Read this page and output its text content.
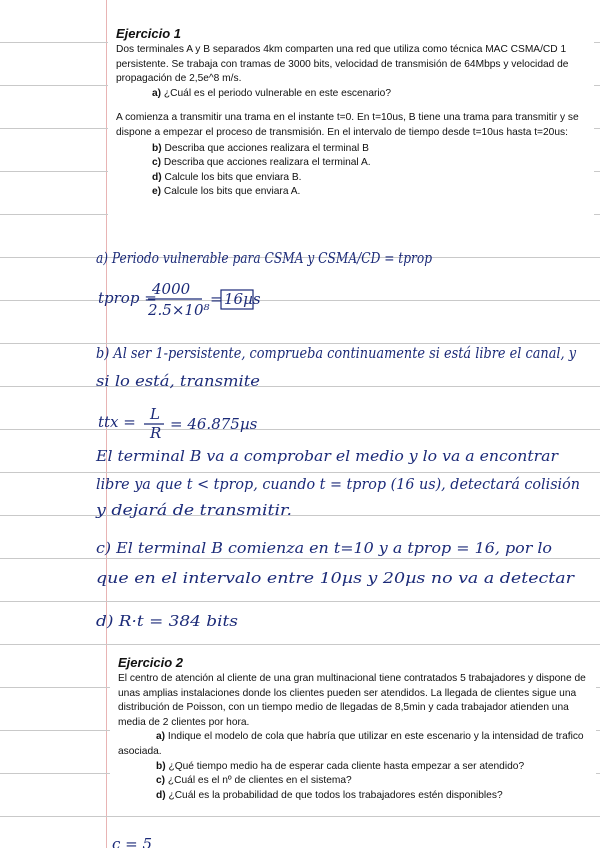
Ejercicio 1

Dos terminales A y B separados 4km comparten una red que utiliza como técnica MAC CSMA/CD 1 persistente. Se trabaja con tramas de 3000 bits, velocidad de transmisión de 64Mbps y velocidad de propagación de 2,5e^8 m/s.

a) ¿Cuál es el periodo vulnerable en este escenario?

A comienza a transmitir una trama en el instante t=0. En t=10us, B tiene una trama para transmitir y se dispone a empezar el proceso de transmisión. En el intervalo de tiempo desde t=10us hasta t=20us:

b) Describa que acciones realizara el terminal B

c) Describa que acciones realizara el terminal A.

d) Calcule los bits que enviara B.

e) Calcule los bits que enviara A.

a) Periodo vulnerable para CSMA y CSMA/CD = tprop
tprop =
4000
2.5×10⁸
= 16µs
b) Al ser 1-persistente, comprueba continuamente si está libre el canal, y
si lo está, transmite
ttx = L
R = 46.875µs
El terminal B va a comprobar el medio y lo va a encontrar
libre ya que t < tprop, cuando t = tprop (16 us), detectará colisión
y dejará de transmitir.
c) El terminal B comienza en t=10 y a tprop = 16, por lo
que en el intervalo entre 10µs y 20µs no va a detectar
d) R·t = 384 bits
c = 5
Ejercicio 2

El centro de atención al cliente de una gran multinacional tiene contratados 5 trabajadores y dispone de unas amplias instalaciones donde los clientes pueden ser atendidos. La llegada de clientes sigue una distribución de Poisson, con un tiempo medio de llegadas de 8,5min y cada trabajador atienden una media de 2 clientes por hora.

a) Indique el modelo de cola que habría que utilizar en este escenario y la intensidad de trafico asociada.

b) ¿Qué tiempo medio ha de esperar cada cliente hasta empezar a ser atendido?

c) ¿Cuál es el nº de clientes en el sistema?

d) ¿Cuál es la probabilidad de que todos los trabajadores estén disponibles?
